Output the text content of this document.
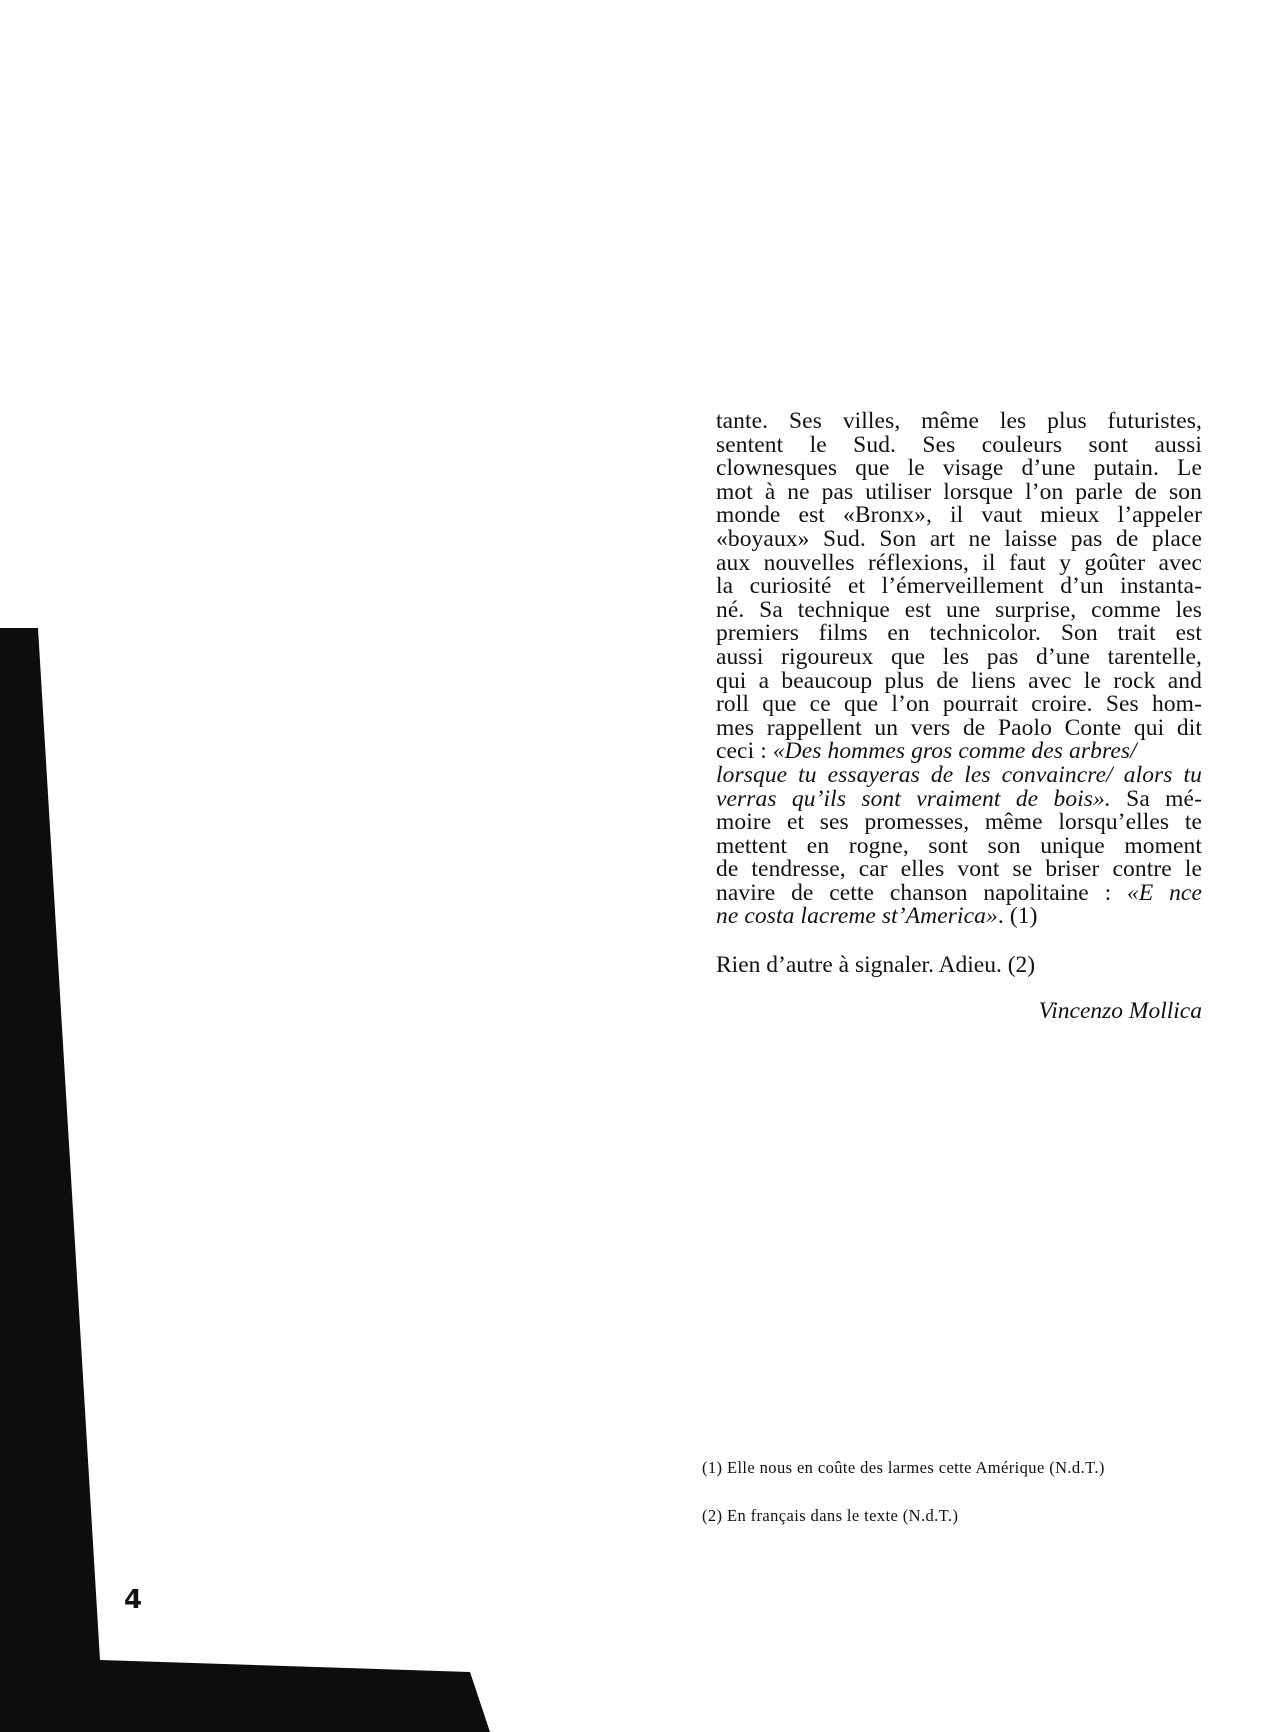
tante. Ses villes, même les plus futuristes,

sentent le Sud. Ses couleurs sont aussi

clownesques que le visage d’une putain. Le

mot à ne pas utiliser lorsque l’on parle de son

monde est «Bronx», il vaut mieux l’appeler

«boyaux» Sud. Son art ne laisse pas de place

aux nouvelles réflexions, il faut y goûter avec

la curiosité et l’émerveillement d’un instanta-

né. Sa technique est une surprise, comme les

premiers films en technicolor. Son trait est

aussi rigoureux que les pas d’une tarentelle,

qui a beaucoup plus de liens avec le rock and

roll que ce que l’on pourrait croire. Ses hom-

mes rappellent un vers de Paolo Conte qui dit

ceci : «Des hommes gros comme des arbres/

lorsque tu essayeras de les convaincre/ alors tu

verras qu’ils sont vraiment de bois». Sa mé-

moire et ses promesses, même lorsqu’elles te

mettent en rogne, sont son unique moment

de tendresse, car elles vont se briser contre le

navire de cette chanson napolitaine : «E nce

ne costa lacreme st’America». (1)

Rien d’autre à signaler. Adieu. (2)

Vincenzo Mollica

(1) Elle nous en coûte des larmes cette Amérique (N.d.T.)

(2) En français dans le texte (N.d.T.)

4
